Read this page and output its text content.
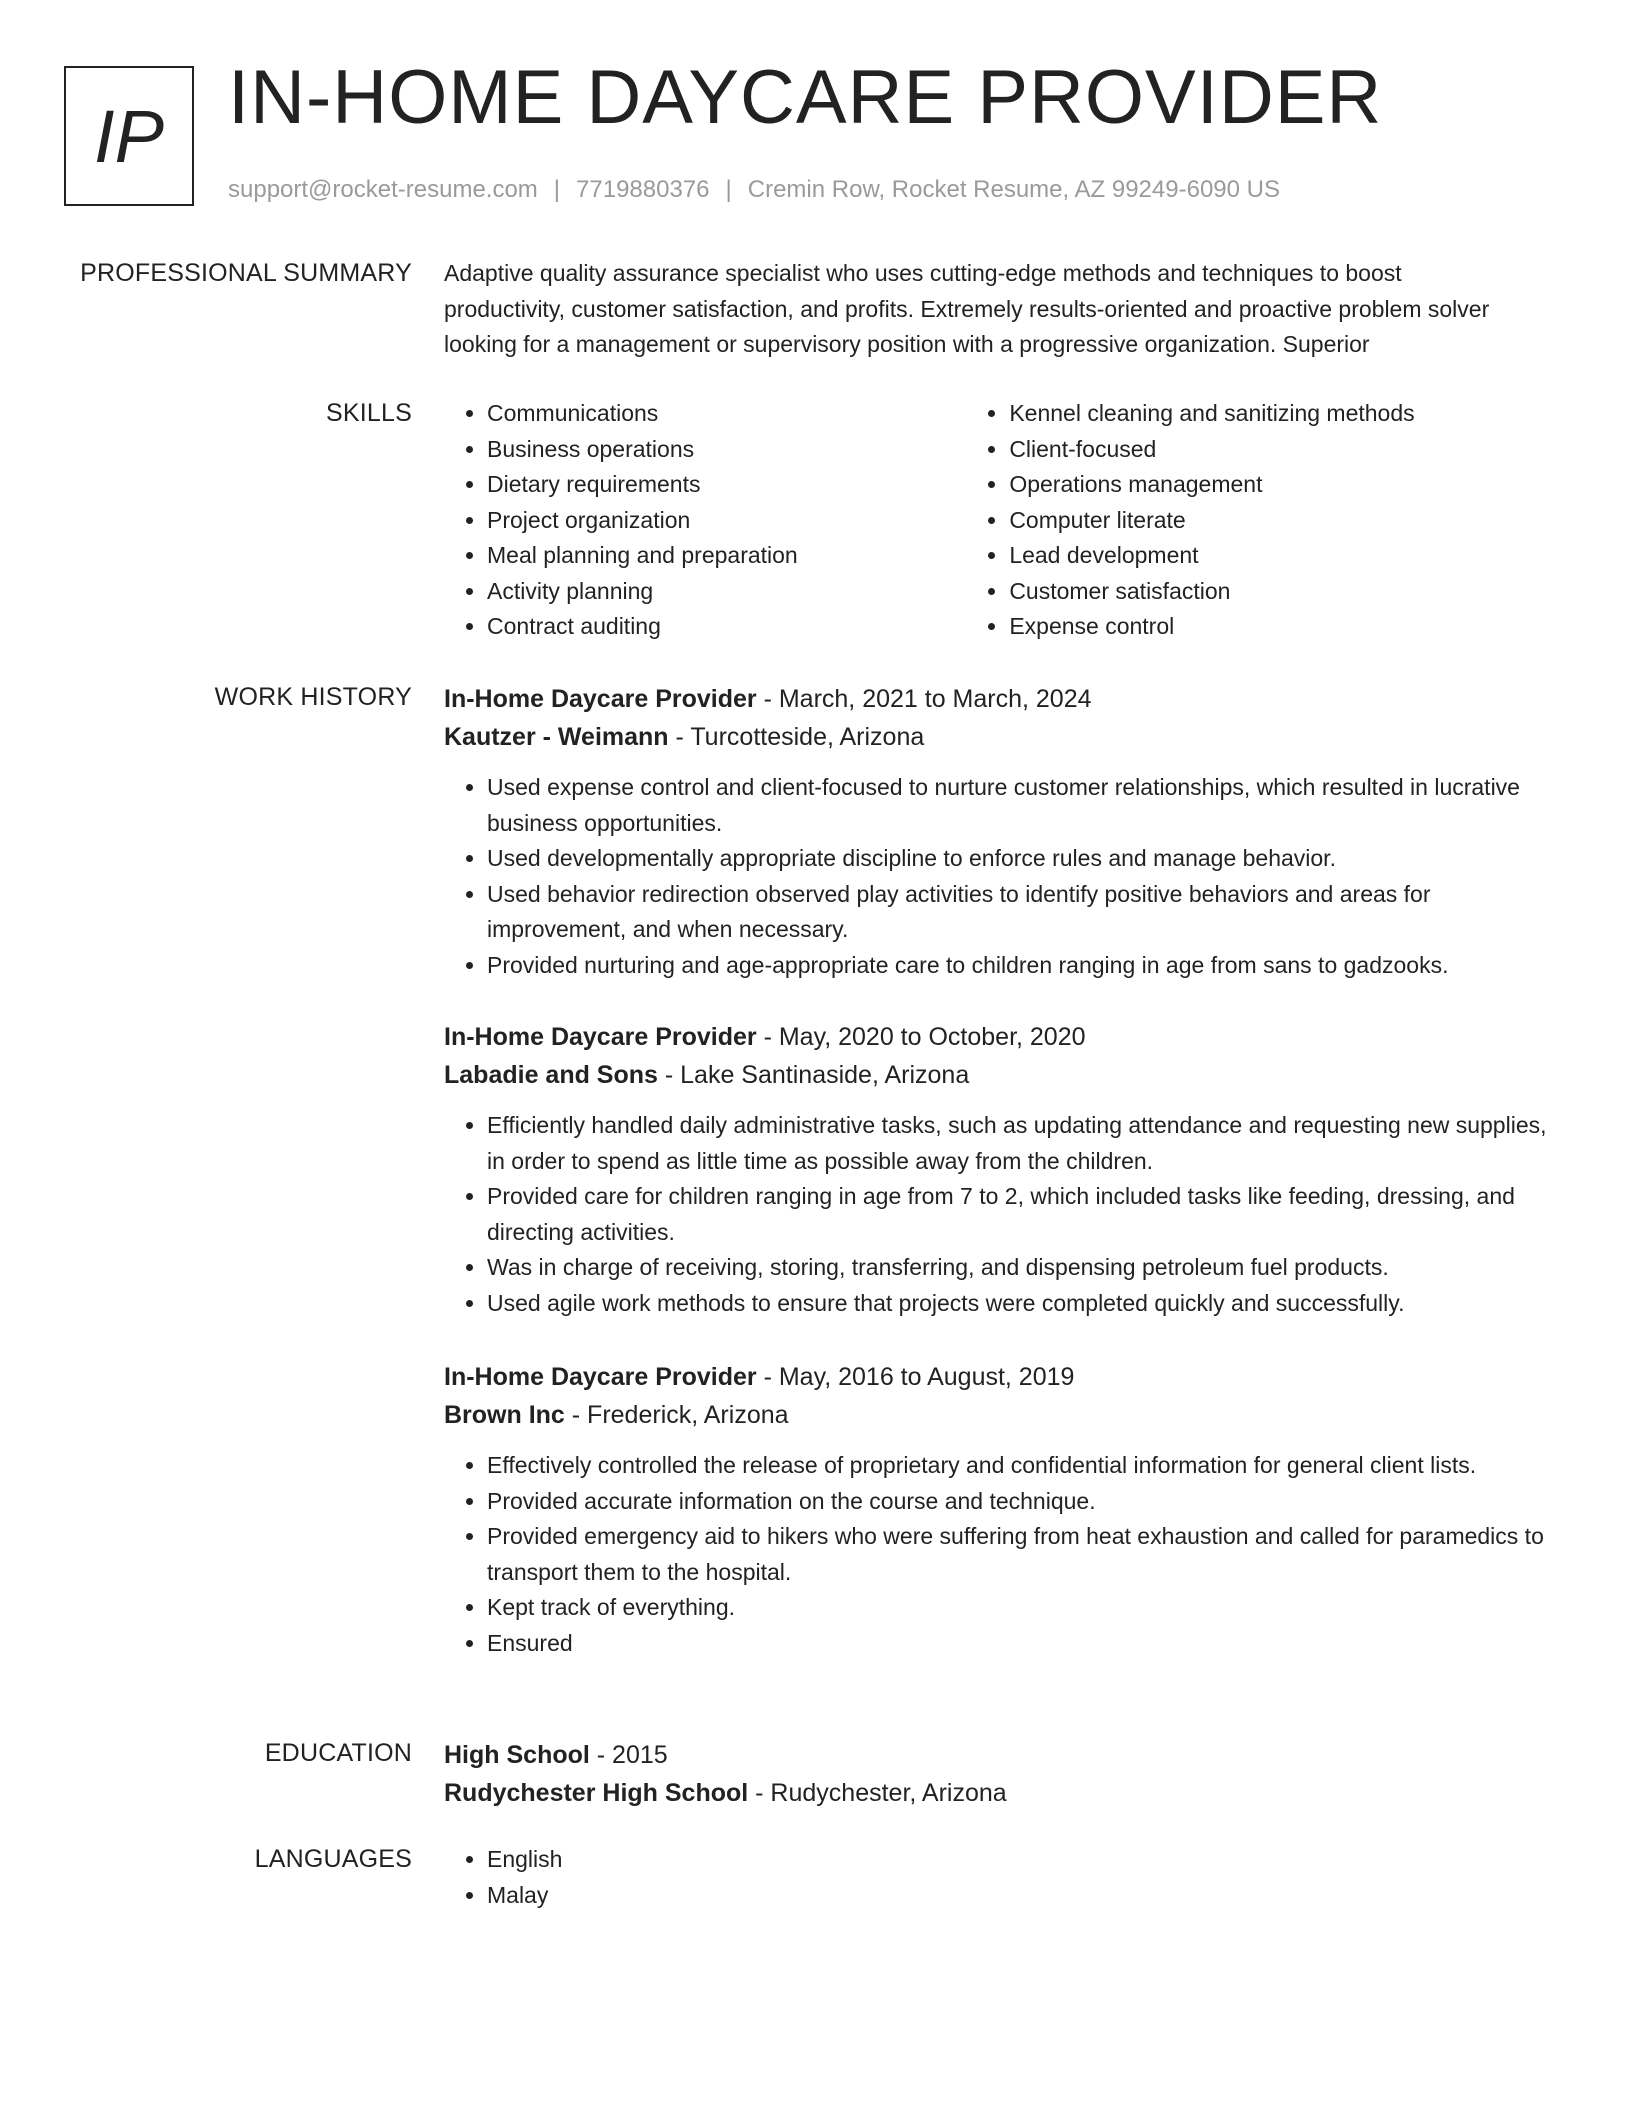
IP IN-HOME DAYCARE PROVIDER
support@rocket-resume.com | 7719880376 | Cremin Row, Rocket Resume, AZ 99249-6090 US
PROFESSIONAL SUMMARY Adaptive quality assurance specialist who uses cutting-edge methods and techniques to boost productivity, customer satisfaction, and profits. Extremely results-oriented and proactive problem solver looking for a management or supervisory position with a progressive organization. Superior
SKILLS	• Communications
• Business operations
• Dietary requirements
• Project organization
• Meal planning and preparation
• Activity planning
• Contract auditing
• Kennel cleaning and sanitizing methods
• Client-focused
• Operations management
• Computer literate
• Lead development
• Customer satisfaction
• Expense control
WORK HISTORY In-Home Daycare Provider - March, 2021 to March, 2024
Kautzer - Weimann - Turcotteside, Arizona
• Used expense control and client-focused to nurture customer relationships, which resulted in lucrative business opportunities.
• Used developmentally appropriate discipline to enforce rules and manage behavior.
• Used behavior redirection observed play activities to identify positive behaviors and areas for improvement, and when necessary.
• Provided nurturing and age-appropriate care to children ranging in age from sans to gadzooks.
In-Home Daycare Provider - May, 2020 to October, 2020
Labadie and Sons - Lake Santinaside, Arizona
• Efficiently handled daily administrative tasks, such as updating attendance and requesting new supplies, in order to spend as little time as possible away from the children.
• Provided care for children ranging in age from 7 to 2, which included tasks like feeding, dressing, and directing activities.
• Was in charge of receiving, storing, transferring, and dispensing petroleum fuel products.
• Used agile work methods to ensure that projects were completed quickly and successfully.
In-Home Daycare Provider - May, 2016 to August, 2019
Brown Inc - Frederick, Arizona
• Effectively controlled the release of proprietary and confidential information for general client lists.
• Provided accurate information on the course and technique.
• Provided emergency aid to hikers who were suffering from heat exhaustion and called for paramedics to transport them to the hospital.
• Kept track of everything.
• Ensured
EDUCATION High School - 2015
Rudychester High School - Rudychester, Arizona
LANGUAGES	• English
• Malay
